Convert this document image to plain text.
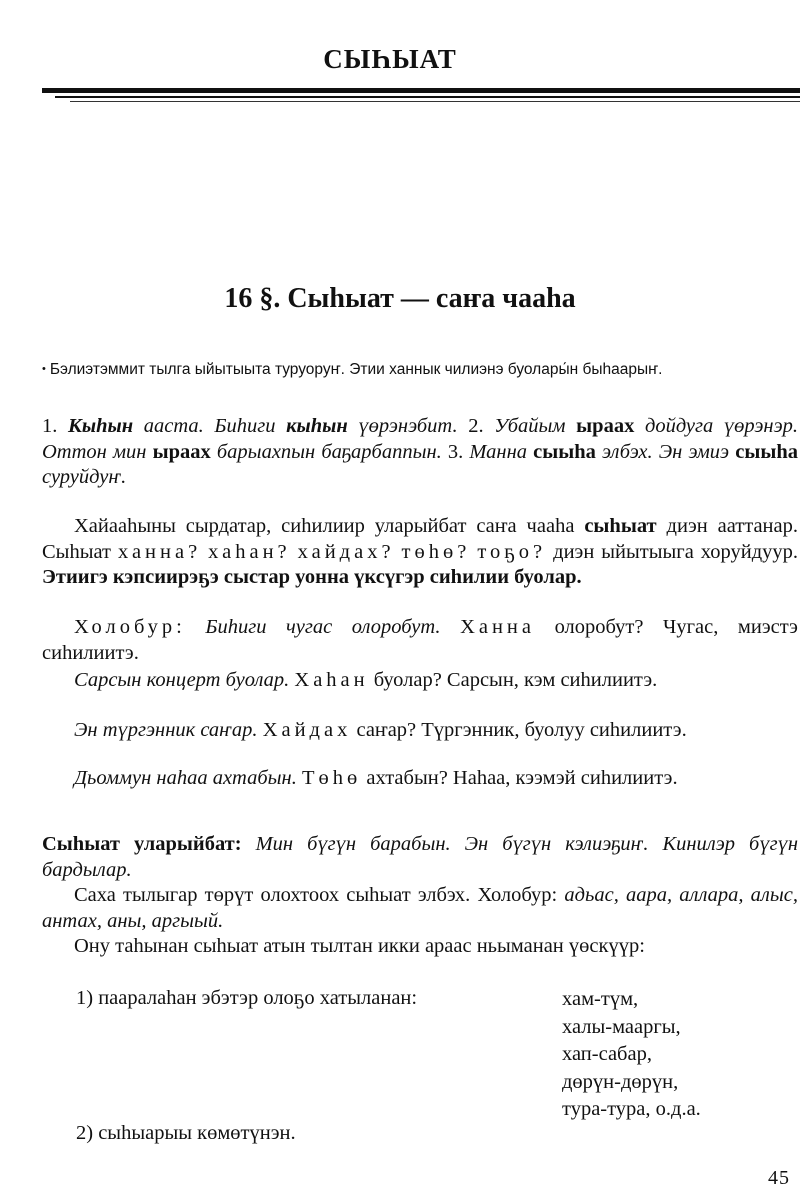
СЫҺЫАТ
16 §. Сыһыат — саҥа чааһа
• Бэлиэтэммит тылга ыйытыыта туруоруҥ. Этии ханнык чилиэнэ буолары́н быһаарыҥ.
1. Кыһын ааста. Биһиги кыһын үөрэнэбит. 2. Убайым ыраах дойдуга үөрэнэр. Оттон мин ыраах барыахпын баҕарбаппын. 3. Манна сыыһа элбэх. Эн эмиэ сыыһа суруйдуҥ.
Хайааһыны сырдатар, сиһилиир уларыйбат саҥа чааһа сыһыат диэн ааттанар. Сыһыат ханна? хаһан? хайдах? төһө? тоҕо? диэн ыйытыыга хоруйдуур. Этиигэ кэпсиирэҕэ сыстар уонна үксүгэр сиһилии буолар.
Холобур: Биһиги чугас олоробут. Ханна олоробут? Чугас, миэстэ сиһилиитэ.
Сарсын концерт буолар. Хаһан буолар? Сарсын, кэм сиһилиитэ.
Эн түргэнник саҥар. Хайдах саҥар? Түргэнник, буолуу сиһилиитэ.
Дьоммун наһаа ахтабын. Төһө ахтабын? Наһаа, кээмэй сиһилиитэ.
Сыһыат уларыйбат: Мин бүгүн барабын. Эн бүгүн кэлиэҕиҥ. Кинилэр бүгүн бардылар.
Саха тылыгар төрүт олохтоох сыһыат элбэх. Холобур: адьас, аара, аллара, алыс, антах, аны, аргыый.
Ону таһынан сыһыат атын тылтан икки араас ньыманан үөскүүр:
1) пааралаһан эбэтэр олоҕо хатыланан:	хам-түм,
халы-мааргы,
хап-сабар,
дөрүн-дөрүн,
тура-тура, о.д.а.
2) сыһыарыы көмөтүнэн.
45
